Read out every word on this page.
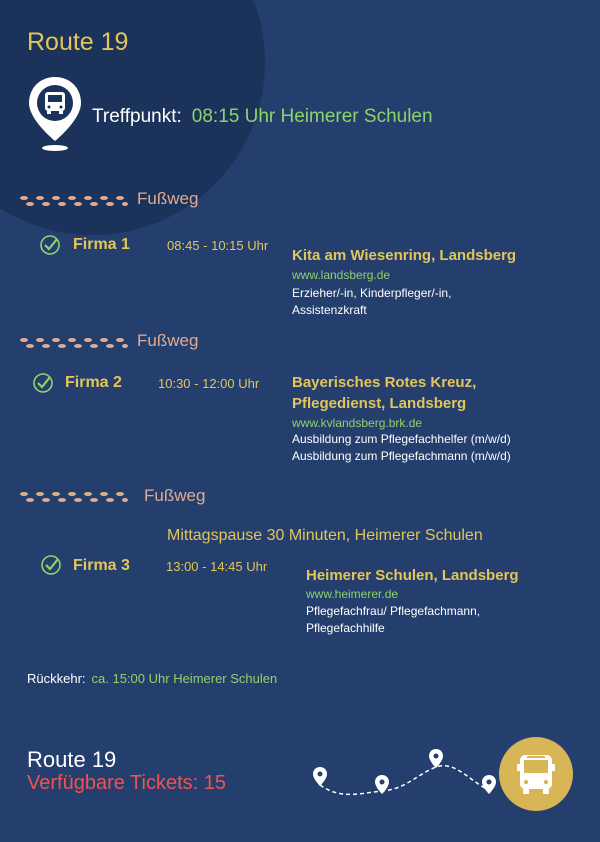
Route 19
Treffpunkt: 08:15 Uhr Heimerer Schulen
Fußweg
Firma 1	08:45 - 10:15 Uhr
Kita am Wiesenring, Landsberg
www.landsberg.de
Erzieher/-in, Kinderpfleger/-in,
Assistenzkraft
Fußweg
Firma 2	10:30 - 12:00 Uhr Bayerisches Rotes Kreuz,
Pflegedienst, Landsberg
www.kvlandsberg.brk.de
Ausbildung zum Pflegefachhelfer (m/w/d)
Ausbildung zum Pflegefachmann (m/w/d)
Fußweg
Mittagspause 30 Minuten, Heimerer Schulen
Firma 3	13:00 - 14:45 Uhr
Heimerer Schulen, Landsberg
www.heimerer.de
Pflegefachfrau/ Pflegefachmann,
Pflegefachhilfe
Rückkehr: ca. 15:00 Uhr Heimerer Schulen
Route 19
Verfügbare Tickets: 15
